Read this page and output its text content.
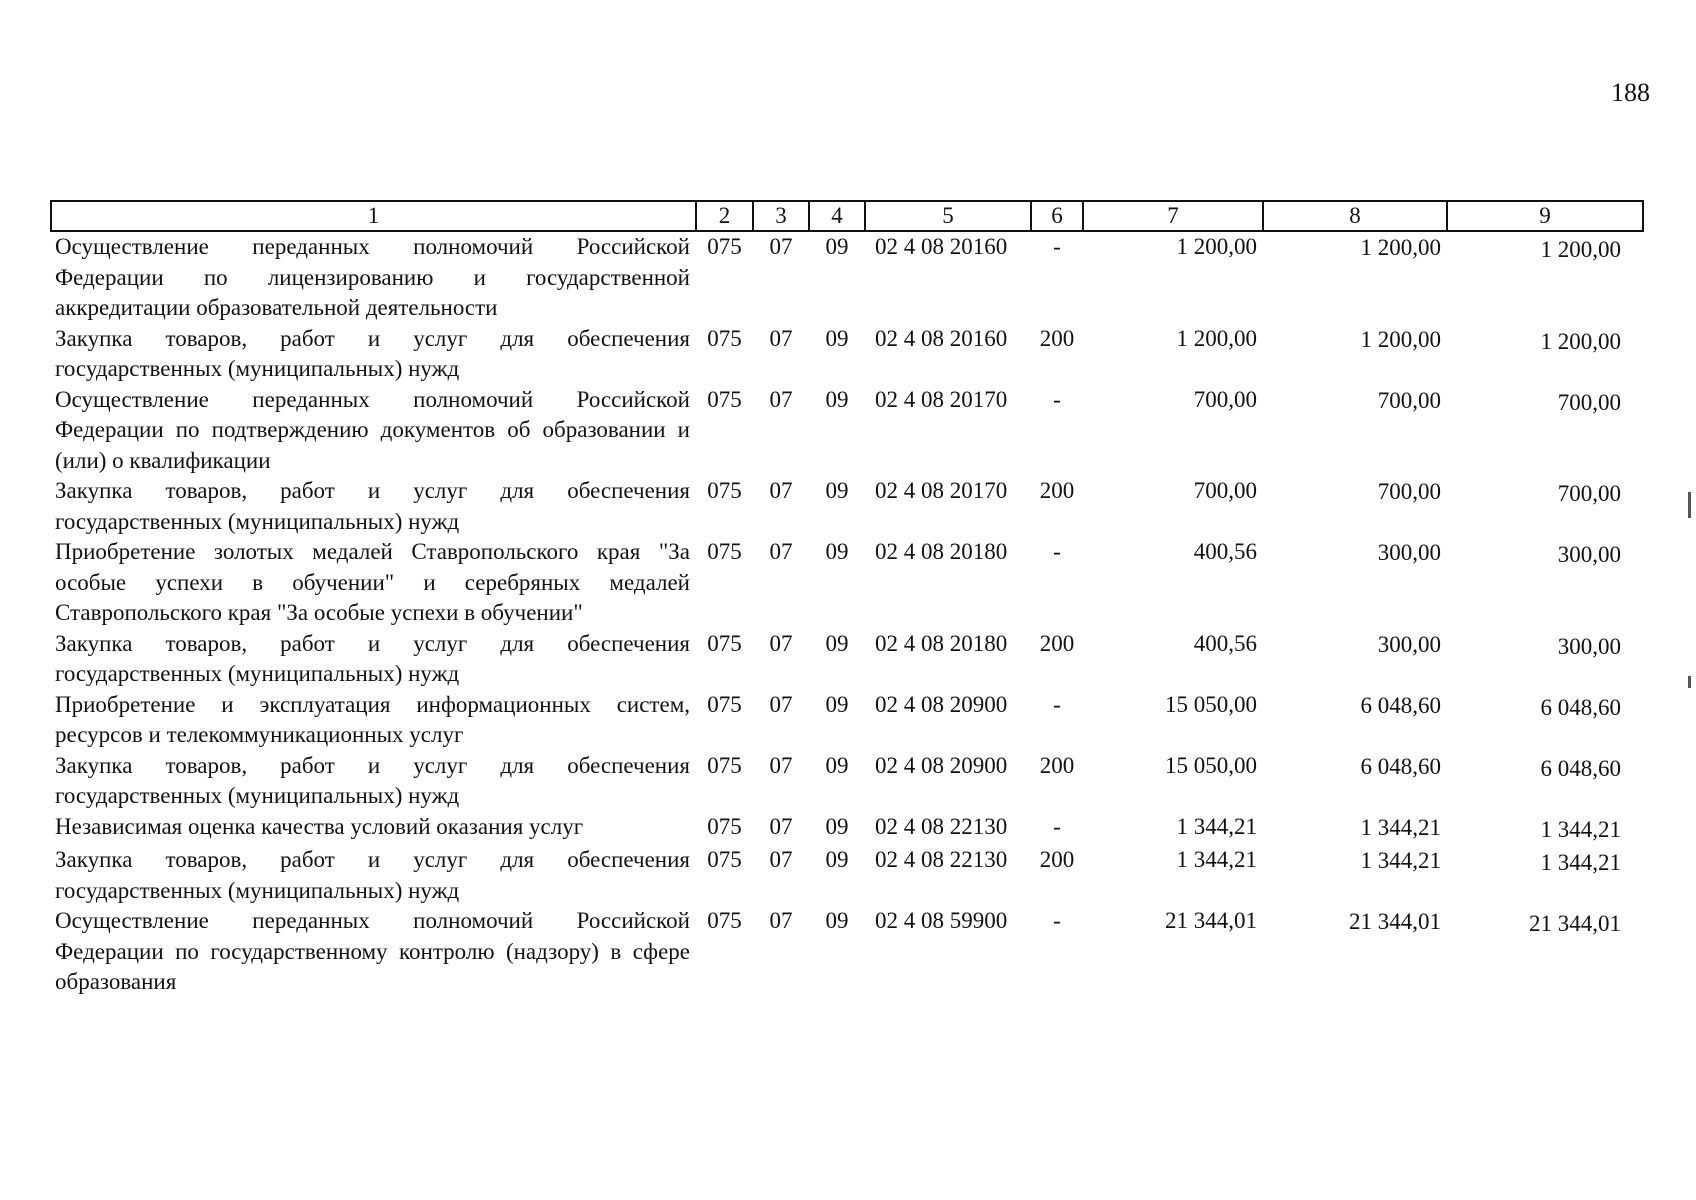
188
1	2	3	4	5	6	7	8	9
Осуществление переданных полномочий Российской Федерации по лицензированию и государственной аккредитации образовательной деятельности	075	07	09	02 4 08 20160	-	1 200,00	1 200,00	1 200,00
Закупка товаров, работ и услуг для обеспечения государственных (муниципальных) нужд	075	07	09	02 4 08 20160	200	1 200,00	1 200,00	1 200,00
Осуществление переданных полномочий Российской Федерации по подтверждению документов об образовании и (или) о квалификации	075	07	09	02 4 08 20170	-	700,00	700,00	700,00
Закупка товаров, работ и услуг для обеспечения государственных (муниципальных) нужд	075	07	09	02 4 08 20170	200	700,00	700,00	700,00
Приобретение золотых медалей Ставропольского края "За особые успехи в обучении" и серебряных медалей Ставропольского края "За особые успехи в обучении"	075	07	09	02 4 08 20180	-	400,56	300,00	300,00
Закупка товаров, работ и услуг для обеспечения государственных (муниципальных) нужд	075	07	09	02 4 08 20180	200	400,56	300,00	300,00
Приобретение и эксплуатация информационных систем, ресурсов и телекоммуникационных услуг	075	07	09	02 4 08 20900	-	15 050,00	6 048,60	6 048,60
Закупка товаров, работ и услуг для обеспечения государственных (муниципальных) нужд	075	07	09	02 4 08 20900	200	15 050,00	6 048,60	6 048,60
Независимая оценка качества условий оказания услуг	075	07	09	02 4 08 22130	-	1 344,21	1 344,21	1 344,21
Закупка товаров, работ и услуг для обеспечения государственных (муниципальных) нужд	075	07	09	02 4 08 22130	200	1 344,21	1 344,21	1 344,21
Осуществление переданных полномочий Российской Федерации по государственному контролю (надзору) в сфере образования	075	07	09	02 4 08 59900	-	21 344,01	21 344,01	21 344,01
